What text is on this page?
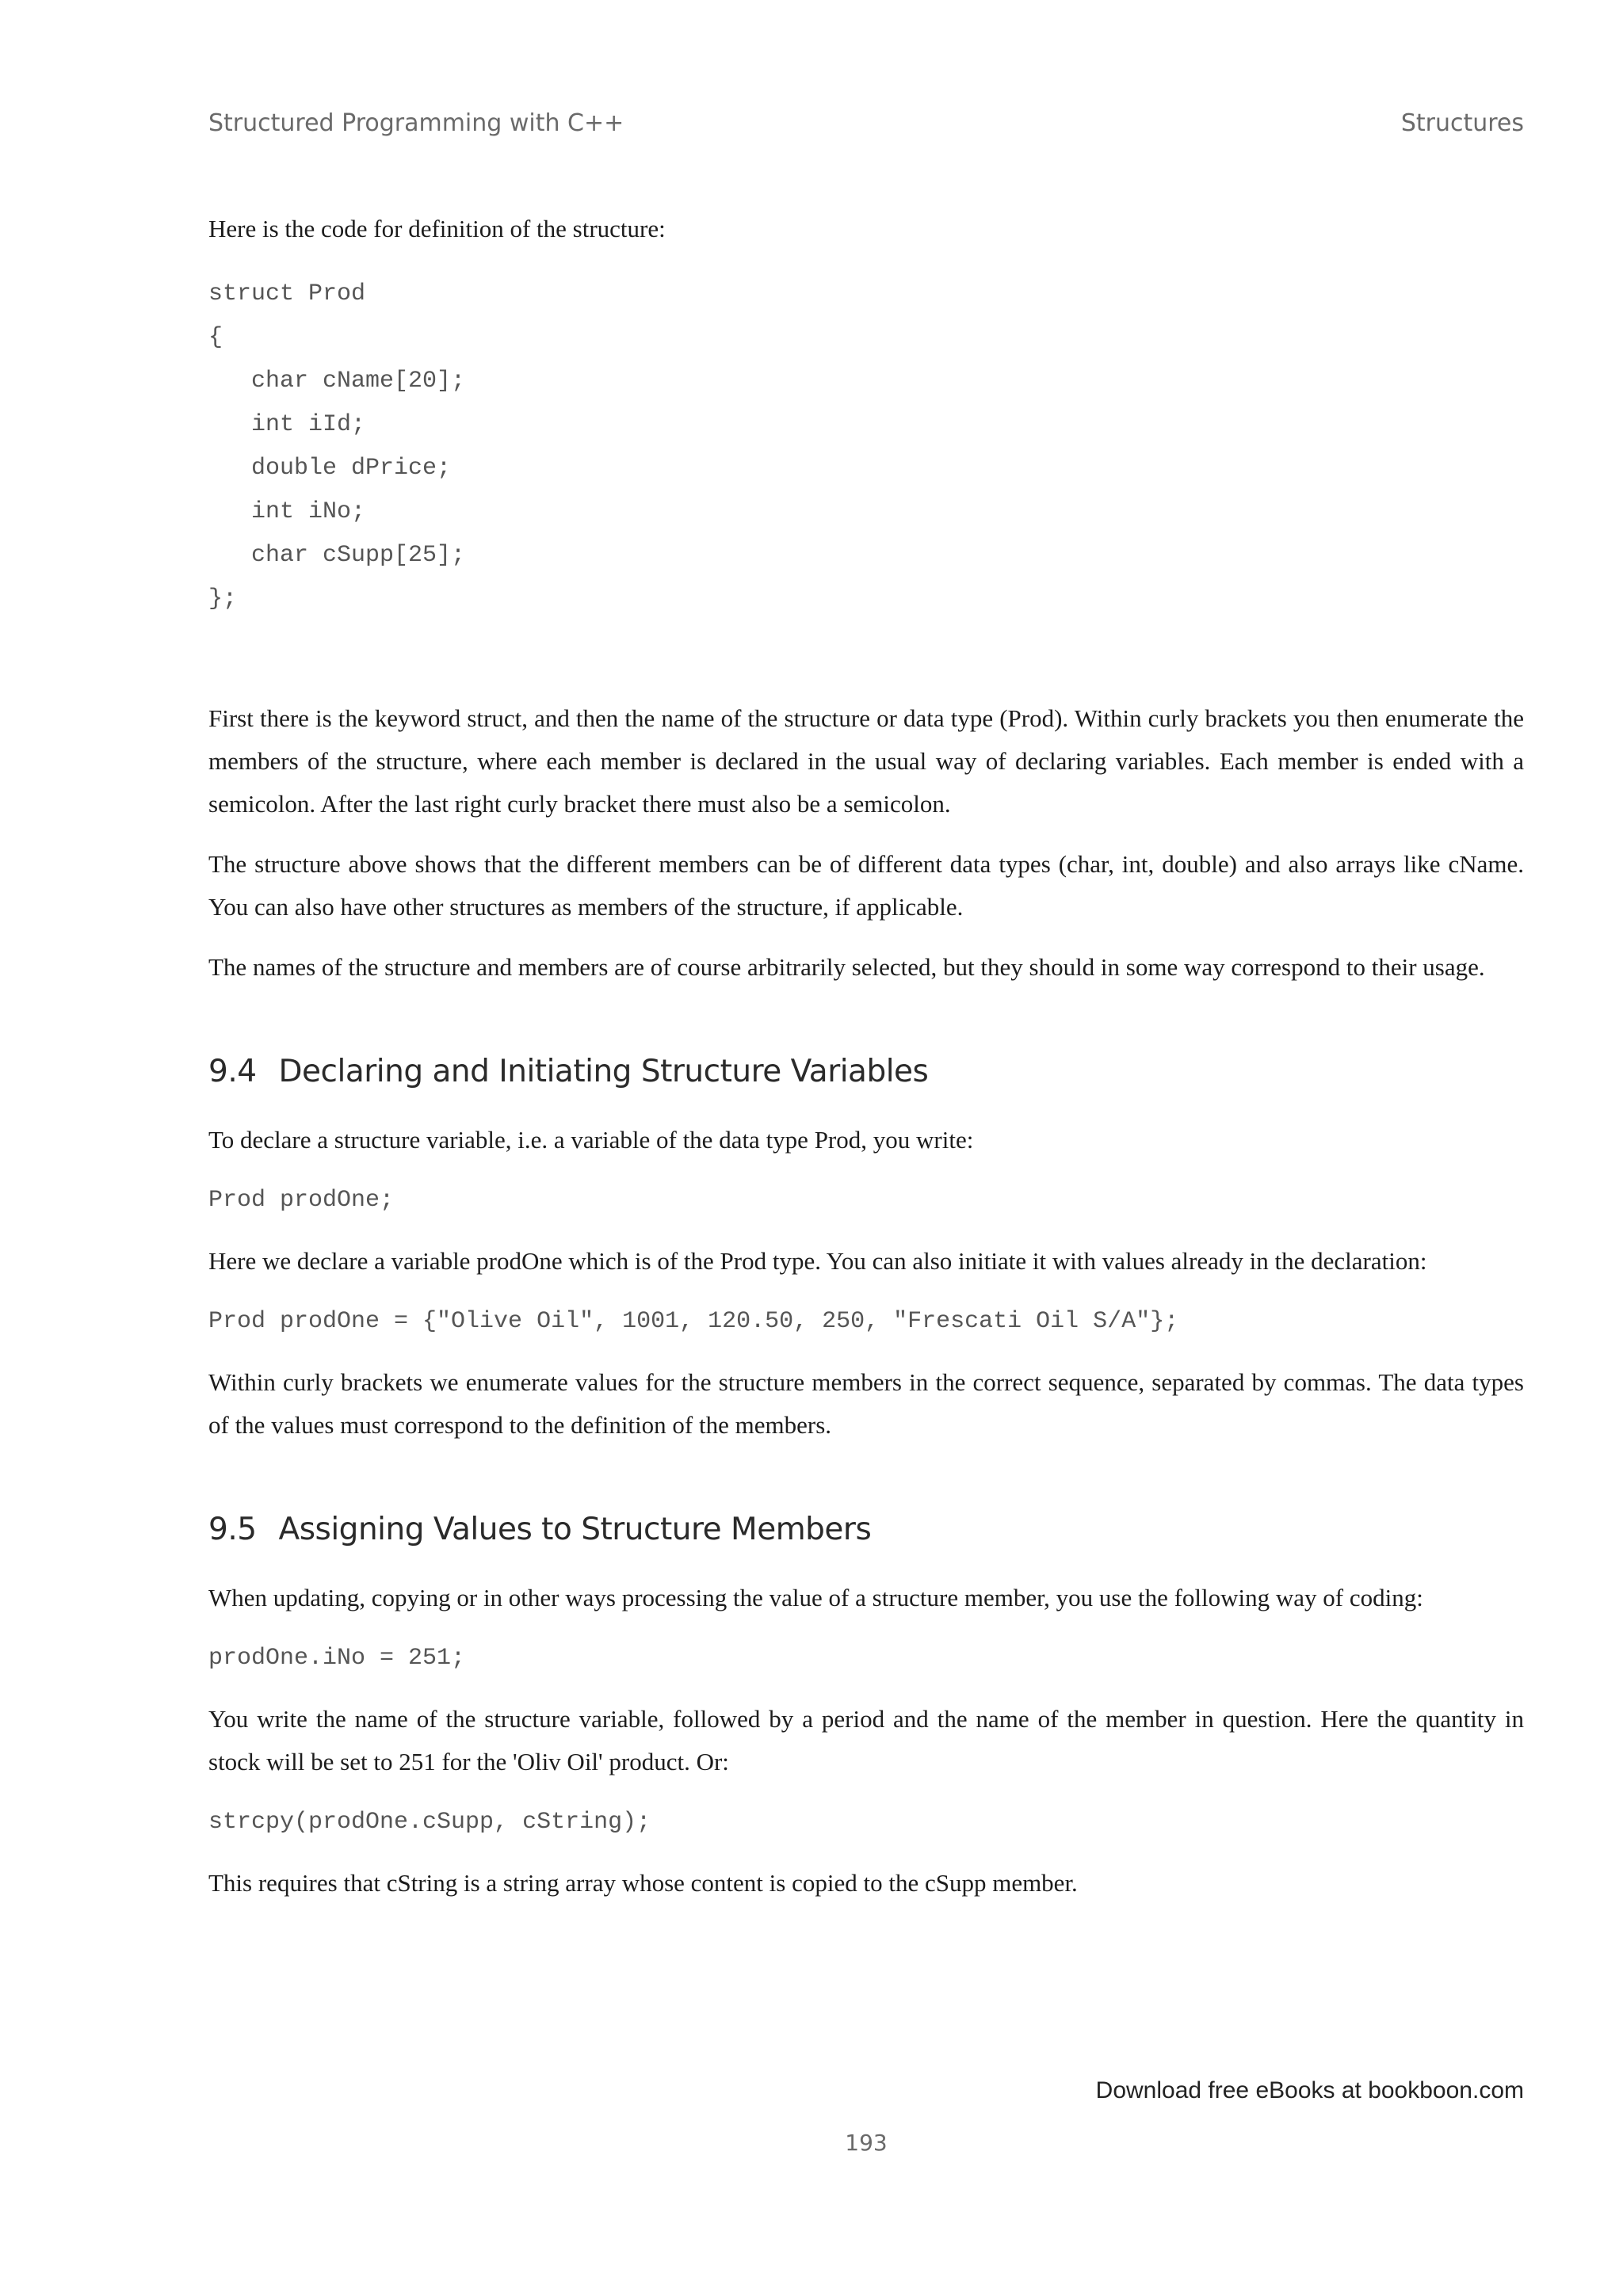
Structured Programming with C++	Structures

Here is the code for definition of the structure:

struct Prod
{
char cName[20];
int iId;
double dPrice;
int iNo;
char cSupp[25];
};

First there is the keyword struct, and then the name of the structure or data type (Prod). Within curly brackets you then enumerate the members of the structure, where each member is declared in the usual way of declaring variables. Each member is ended with a semicolon. After the last right curly bracket there must also be a semicolon.

The structure above shows that the different members can be of different data types (char, int, double) and also arrays like cName. You can also have other structures as members of the structure, if applicable.

The names of the structure and members are of course arbitrarily selected, but they should in some way correspond to their usage.

9.4 Declaring and Initiating Structure Variables

To declare a structure variable, i.e. a variable of the data type Prod, you write:

Prod prodOne;

Here we declare a variable prodOne which is of the Prod type. You can also initiate it with values already in the declaration:

Prod prodOne = {"Olive Oil", 1001, 120.50, 250, "Frescati Oil S/A"};

Within curly brackets we enumerate values for the structure members in the correct sequence, separated by commas. The data types of the values must correspond to the definition of the members.

9.5 Assigning Values to Structure Members

When updating, copying or in other ways processing the value of a structure member, you use the following way of coding:

prodOne.iNo = 251;

You write the name of the structure variable, followed by a period and the name of the member in question. Here the quantity in stock will be set to 251 for the 'Oliv Oil' product. Or:

strcpy(prodOne.cSupp, cString);

This requires that cString is a string array whose content is copied to the cSupp member.

Download free eBooks at bookboon.com
193
